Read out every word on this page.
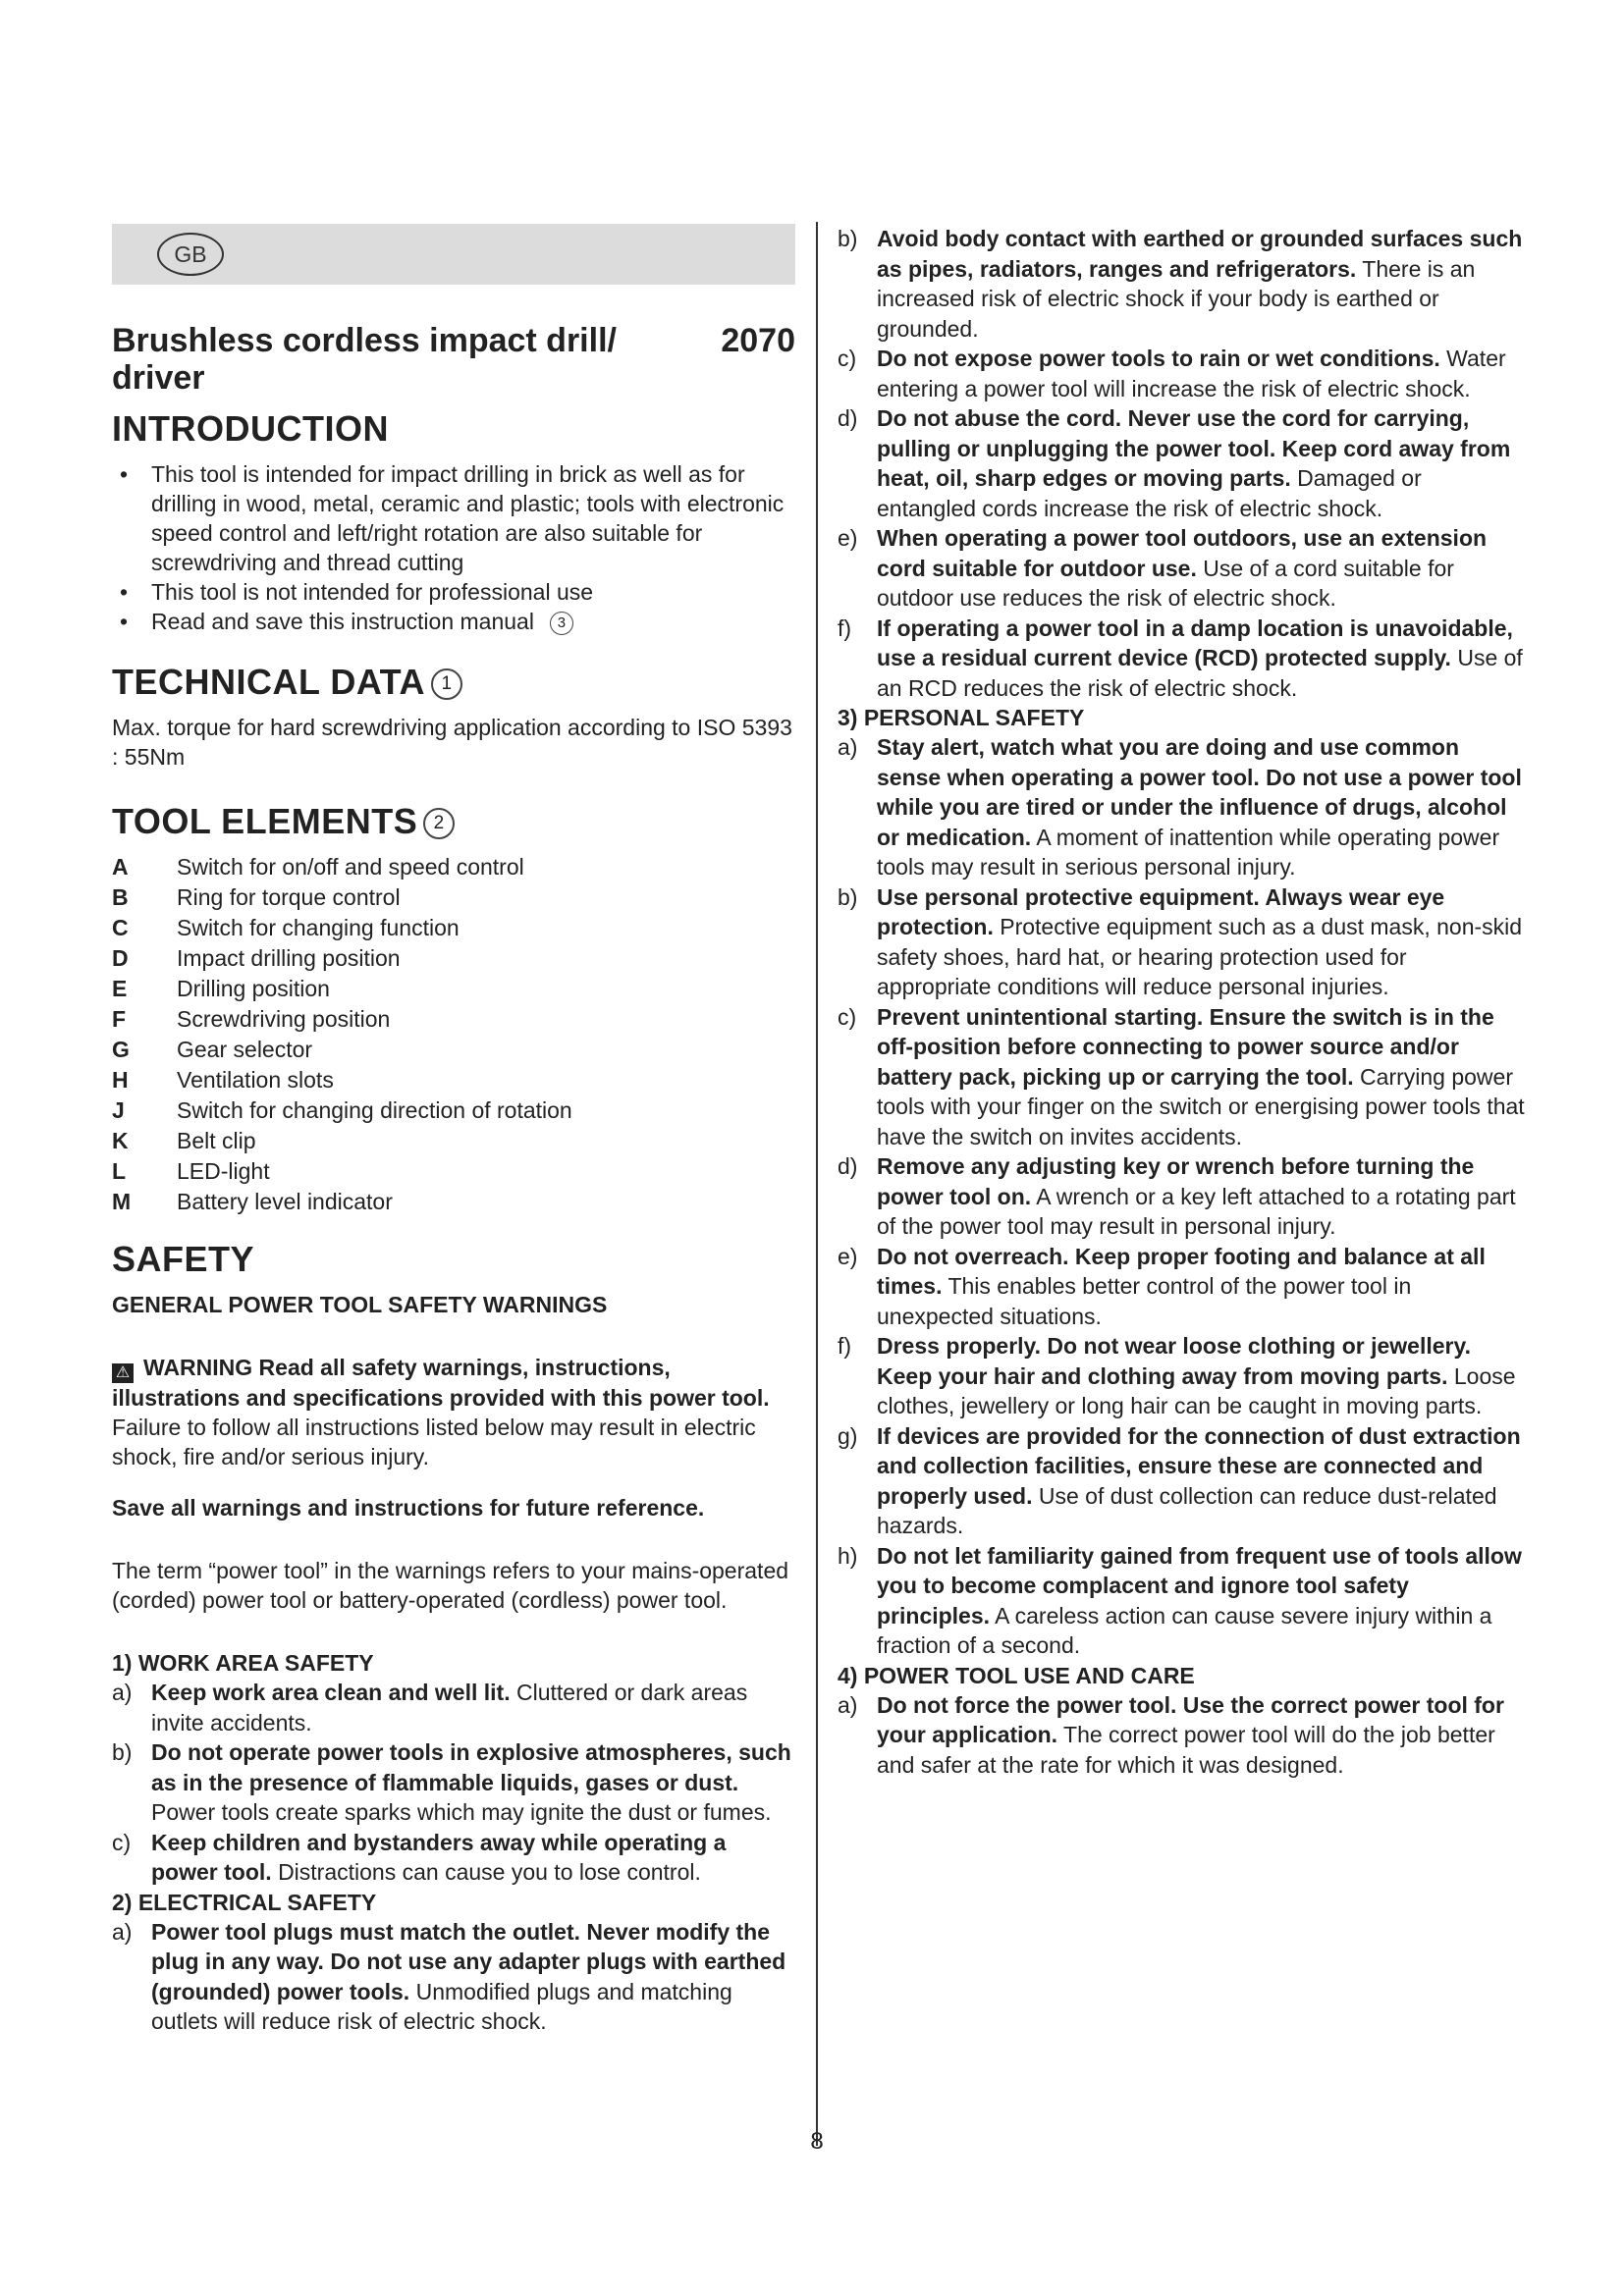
GB
Brushless cordless impact drill/ driver
2070
INTRODUCTION
• This tool is intended for impact drilling in brick as well as for drilling in wood, metal, ceramic and plastic; tools with electronic speed control and left/right rotation are also suitable for screwdriving and thread cutting
• This tool is not intended for professional use
• Read and save this instruction manual 3
TECHNICAL DATA 1
Max. torque for hard screwdriving application according to ISO 5393 : 55Nm
TOOL ELEMENTS 2
A	Switch for on/off and speed control
B	Ring for torque control
C	Switch for changing function
D	Impact drilling position
E	Drilling position
F	Screwdriving position
G	Gear selector
H	Ventilation slots
J	Switch for changing direction of rotation
K	Belt clip
L	LED-light
M	Battery level indicator
SAFETY
GENERAL POWER TOOL SAFETY WARNINGS
⚠ WARNING Read all safety warnings, instructions, illustrations and specifications provided with this power tool. Failure to follow all instructions listed below may result in electric shock, fire and/or serious injury.
Save all warnings and instructions for future reference.
The term “power tool” in the warnings refers to your mains-operated (corded) power tool or battery-operated (cordless) power tool.
1) WORK AREA SAFETY
a) Keep work area clean and well lit. Cluttered or dark areas invite accidents.
b) Do not operate power tools in explosive atmospheres, such as in the presence of flammable liquids, gases or dust. Power tools create sparks which may ignite the dust or fumes.
c) Keep children and bystanders away while operating a power tool. Distractions can cause you to lose control.
2) ELECTRICAL SAFETY
a) Power tool plugs must match the outlet. Never modify the plug in any way. Do not use any adapter plugs with earthed (grounded) power tools. Unmodified plugs and matching outlets will reduce risk of electric shock.
b) Avoid body contact with earthed or grounded surfaces such as pipes, radiators, ranges and refrigerators. There is an increased risk of electric shock if your body is earthed or grounded.
c) Do not expose power tools to rain or wet conditions. Water entering a power tool will increase the risk of electric shock.
d) Do not abuse the cord. Never use the cord for carrying, pulling or unplugging the power tool. Keep cord away from heat, oil, sharp edges or moving parts. Damaged or entangled cords increase the risk of electric shock.
e) When operating a power tool outdoors, use an extension cord suitable for outdoor use. Use of a cord suitable for outdoor use reduces the risk of electric shock.
f) If operating a power tool in a damp location is unavoidable, use a residual current device (RCD) protected supply. Use of an RCD reduces the risk of electric shock.
3) PERSONAL SAFETY
a) Stay alert, watch what you are doing and use common sense when operating a power tool. Do not use a power tool while you are tired or under the influence of drugs, alcohol or medication. A moment of inattention while operating power tools may result in serious personal injury.
b) Use personal protective equipment. Always wear eye protection. Protective equipment such as a dust mask, non-skid safety shoes, hard hat, or hearing protection used for appropriate conditions will reduce personal injuries.
c) Prevent unintentional starting. Ensure the switch is in the off-position before connecting to power source and/or battery pack, picking up or carrying the tool. Carrying power tools with your finger on the switch or energising power tools that have the switch on invites accidents.
d) Remove any adjusting key or wrench before turning the power tool on. A wrench or a key left attached to a rotating part of the power tool may result in personal injury.
e) Do not overreach. Keep proper footing and balance at all times. This enables better control of the power tool in unexpected situations.
f) Dress properly. Do not wear loose clothing or jewellery. Keep your hair and clothing away from moving parts. Loose clothes, jewellery or long hair can be caught in moving parts.
g) If devices are provided for the connection of dust extraction and collection facilities, ensure these are connected and properly used. Use of dust collection can reduce dust-related hazards.
h) Do not let familiarity gained from frequent use of tools allow you to become complacent and ignore tool safety principles. A careless action can cause severe injury within a fraction of a second.
4) POWER TOOL USE AND CARE
a) Do not force the power tool. Use the correct power tool for your application. The correct power tool will do the job better and safer at the rate for which it was designed.
8
